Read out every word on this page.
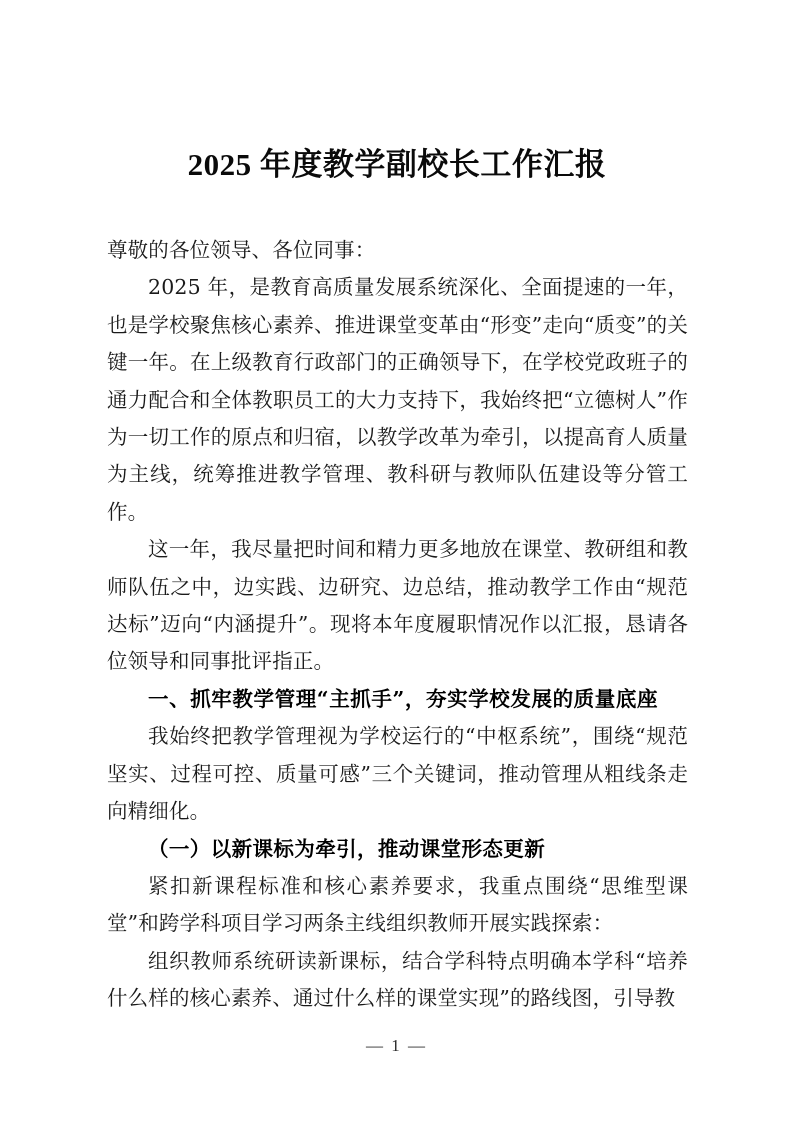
2025 年度教学副校长工作汇报

尊敬的各位领导、各位同事：

2025 年，是教育高质量发展系统深化、全面提速的一年，也是学校聚焦核心素养、推进课堂变革由“形变”走向“质变”的关键一年。在上级教育行政部门的正确领导下，在学校党政班子的通力配合和全体教职员工的大力支持下，我始终把“立德树人”作为一切工作的原点和归宿，以教学改革为牵引，以提高育人质量为主线，统筹推进教学管理、教科研与教师队伍建设等分管工作。

这一年，我尽量把时间和精力更多地放在课堂、教研组和教师队伍之中，边实践、边研究、边总结，推动教学工作由“规范达标”迈向“内涵提升”。现将本年度履职情况作以汇报，恳请各位领导和同事批评指正。

一、抓牢教学管理“主抓手”，夯实学校发展的质量底座

我始终把教学管理视为学校运行的“中枢系统”，围绕“规范坚实、过程可控、质量可感”三个关键词，推动管理从粗线条走向精细化。

（一）以新课标为牵引，推动课堂形态更新

紧扣新课程标准和核心素养要求，我重点围绕“思维型课堂”和跨学科项目学习两条主线组织教师开展实践探索：

组织教师系统研读新课标，结合学科特点明确本学科“培养什么样的核心素养、通过什么样的课堂实现”的路线图，引导教

— 1 —
